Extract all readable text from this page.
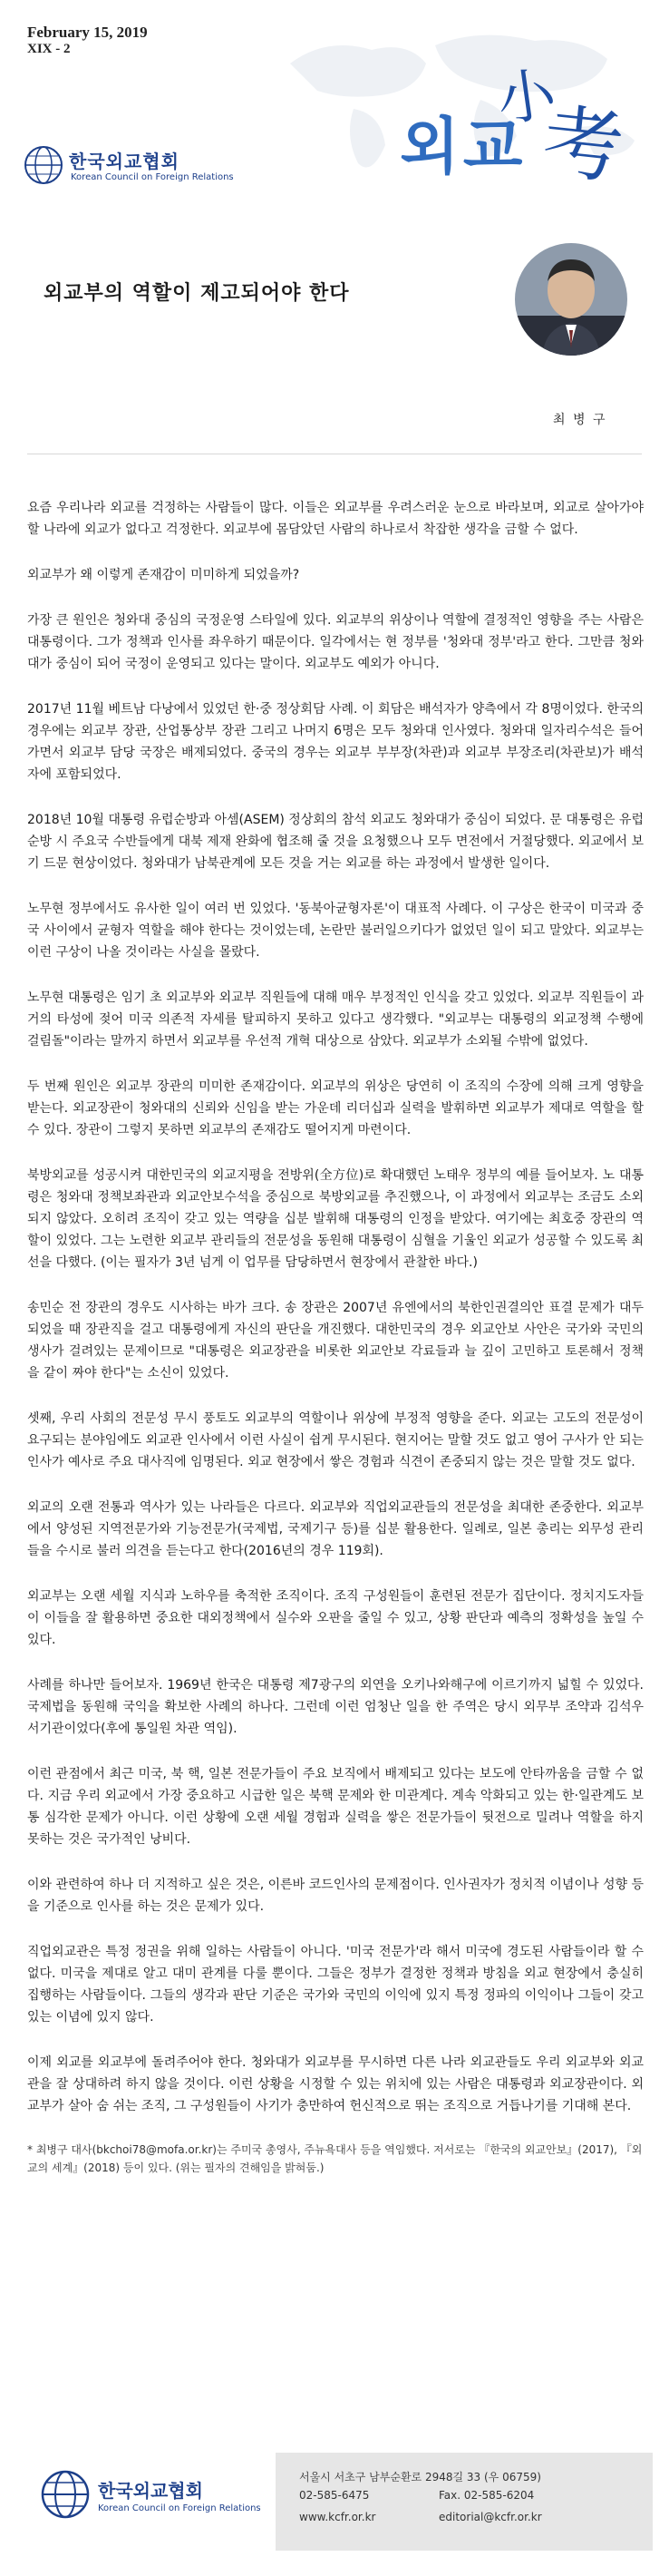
February 15, 2019
XIX - 2
한국외교협회
Korean Council on Foreign Relations	외교
小
考
외교부의 역할이 제고되어야 한다
최 병 구

요즘 우리나라 외교를 걱정하는 사람들이 많다. 이들은 외교부를 우려스러운 눈으로 바라보며, 외교로 살아가야 할 나라에 외교가 없다고 걱정한다. 외교부에 몸담았던 사람의 하나로서 착잡한 생각을 금할 수 없다.

외교부가 왜 이렇게 존재감이 미미하게 되었을까?

가장 큰 원인은 청와대 중심의 국정운영 스타일에 있다. 외교부의 위상이나 역할에 결정적인 영향을 주는 사람은 대통령이다. 그가 정책과 인사를 좌우하기 때문이다. 일각에서는 현 정부를 '청와대 정부'라고 한다. 그만큼 청와대가 중심이 되어 국정이 운영되고 있다는 말이다. 외교부도 예외가 아니다.

2017년 11월 베트남 다낭에서 있었던 한·중 정상회담 사례. 이 회담은 배석자가 양측에서 각 8명이었다. 한국의 경우에는 외교부 장관, 산업통상부 장관 그리고 나머지 6명은 모두 청와대 인사였다. 청와대 일자리수석은 들어가면서 외교부 담당 국장은 배제되었다. 중국의 경우는 외교부 부부장(차관)과 외교부 부장조리(차관보)가 배석자에 포함되었다.

2018년 10월 대통령 유럽순방과 아셈(ASEM) 정상회의 참석 외교도 청와대가 중심이 되었다. 문 대통령은 유럽 순방 시 주요국 수반들에게 대북 제재 완화에 협조해 줄 것을 요청했으나 모두 면전에서 거절당했다. 외교에서 보기 드문 현상이었다. 청와대가 남북관계에 모든 것을 거는 외교를 하는 과정에서 발생한 일이다.

노무현 정부에서도 유사한 일이 여러 번 있었다. '동북아균형자론'이 대표적 사례다. 이 구상은 한국이 미국과 중국 사이에서 균형자 역할을 해야 한다는 것이었는데, 논란만 불러일으키다가 없었던 일이 되고 말았다. 외교부는 이런 구상이 나올 것이라는 사실을 몰랐다.

노무현 대통령은 임기 초 외교부와 외교부 직원들에 대해 매우 부정적인 인식을 갖고 있었다. 외교부 직원들이 과거의 타성에 젖어 미국 의존적 자세를 탈피하지 못하고 있다고 생각했다. "외교부는 대통령의 외교정책 수행에 걸림돌"이라는 말까지 하면서 외교부를 우선적 개혁 대상으로 삼았다. 외교부가 소외될 수밖에 없었다.

두 번째 원인은 외교부 장관의 미미한 존재감이다. 외교부의 위상은 당연히 이 조직의 수장에 의해 크게 영향을 받는다. 외교장관이 청와대의 신뢰와 신임을 받는 가운데 리더십과 실력을 발휘하면 외교부가 제대로 역할을 할 수 있다. 장관이 그렇지 못하면 외교부의 존재감도 떨어지게 마련이다.

북방외교를 성공시켜 대한민국의 외교지평을 전방위(全方位)로 확대했던 노태우 정부의 예를 들어보자. 노 대통령은 청와대 정책보좌관과 외교안보수석을 중심으로 북방외교를 추진했으나, 이 과정에서 외교부는 조금도 소외되지 않았다. 오히려 조직이 갖고 있는 역량을 십분 발휘해 대통령의 인정을 받았다. 여기에는 최호중 장관의 역할이 있었다. 그는 노련한 외교부 관리들의 전문성을 동원해 대통령이 심혈을 기울인 외교가 성공할 수 있도록 최선을 다했다. (이는 필자가 3년 넘게 이 업무를 담당하면서 현장에서 관찰한 바다.)

송민순 전 장관의 경우도 시사하는 바가 크다. 송 장관은 2007년 유엔에서의 북한인권결의안 표결 문제가 대두되었을 때 장관직을 걸고 대통령에게 자신의 판단을 개진했다. 대한민국의 경우 외교안보 사안은 국가와 국민의 생사가 걸려있는 문제이므로 "대통령은 외교장관을 비롯한 외교안보 각료들과 늘 깊이 고민하고 토론해서 정책을 같이 짜야 한다"는 소신이 있었다.

셋째, 우리 사회의 전문성 무시 풍토도 외교부의 역할이나 위상에 부정적 영향을 준다. 외교는 고도의 전문성이 요구되는 분야임에도 외교관 인사에서 이런 사실이 쉽게 무시된다. 현지어는 말할 것도 없고 영어 구사가 안 되는 인사가 예사로 주요 대사직에 임명된다. 외교 현장에서 쌓은 경험과 식견이 존중되지 않는 것은 말할 것도 없다.

외교의 오랜 전통과 역사가 있는 나라들은 다르다. 외교부와 직업외교관들의 전문성을 최대한 존중한다. 외교부에서 양성된 지역전문가와 기능전문가(국제법, 국제기구 등)를 십분 활용한다. 일례로, 일본 총리는 외무성 관리들을 수시로 불러 의견을 듣는다고 한다(2016년의 경우 119회).

외교부는 오랜 세월 지식과 노하우를 축적한 조직이다. 조직 구성원들이 훈련된 전문가 집단이다. 정치지도자들이 이들을 잘 활용하면 중요한 대외정책에서 실수와 오판을 줄일 수 있고, 상황 판단과 예측의 정확성을 높일 수 있다.

사례를 하나만 들어보자. 1969년 한국은 대통령 제7광구의 외연을 오키나와해구에 이르기까지 넓힐 수 있었다. 국제법을 동원해 국익을 확보한 사례의 하나다. 그런데 이런 엄청난 일을 한 주역은 당시 외무부 조약과 김석우 서기관이었다(후에 통일원 차관 역임).

이런 관점에서 최근 미국, 북 핵, 일본 전문가들이 주요 보직에서 배제되고 있다는 보도에 안타까움을 금할 수 없다. 지금 우리 외교에서 가장 중요하고 시급한 일은 북핵 문제와 한 미관계다. 계속 악화되고 있는 한·일관계도 보통 심각한 문제가 아니다. 이런 상황에 오랜 세월 경험과 실력을 쌓은 전문가들이 뒷전으로 밀려나 역할을 하지 못하는 것은 국가적인 낭비다.

이와 관련하여 하나 더 지적하고 싶은 것은, 이른바 코드인사의 문제점이다. 인사권자가 정치적 이념이나 성향 등을 기준으로 인사를 하는 것은 문제가 있다.

직업외교관은 특정 정권을 위해 일하는 사람들이 아니다. '미국 전문가'라 해서 미국에 경도된 사람들이라 할 수 없다. 미국을 제대로 알고 대미 관계를 다룰 뿐이다. 그들은 정부가 결정한 정책과 방침을 외교 현장에서 충실히 집행하는 사람들이다. 그들의 생각과 판단 기준은 국가와 국민의 이익에 있지 특정 정파의 이익이나 그들이 갖고 있는 이념에 있지 않다.

이제 외교를 외교부에 돌려주어야 한다. 청와대가 외교부를 무시하면 다른 나라 외교관들도 우리 외교부와 외교관을 잘 상대하려 하지 않을 것이다. 이런 상황을 시정할 수 있는 위치에 있는 사람은 대통령과 외교장관이다. 외교부가 살아 숨 쉬는 조직, 그 구성원들이 사기가 충만하여 헌신적으로 뛰는 조직으로 거듭나기를 기대해 본다.

* 최병구 대사(bkchoi78@mofa.or.kr)는 주미국 총영사, 주뉴욕대사 등을 역임했다. 저서로는 『한국의 외교안보』(2017), 『외교의 세계』(2018) 등이 있다. (위는 필자의 견해임을 밝혀둠.)

한국외교협회
Korean Council on Foreign Relations
서울시 서초구 남부순환로 2948길 33 (우 06759)
02-585-6475	Fax. 02-585-6204
www.kcfr.or.kr	editorial@kcfr.or.kr
